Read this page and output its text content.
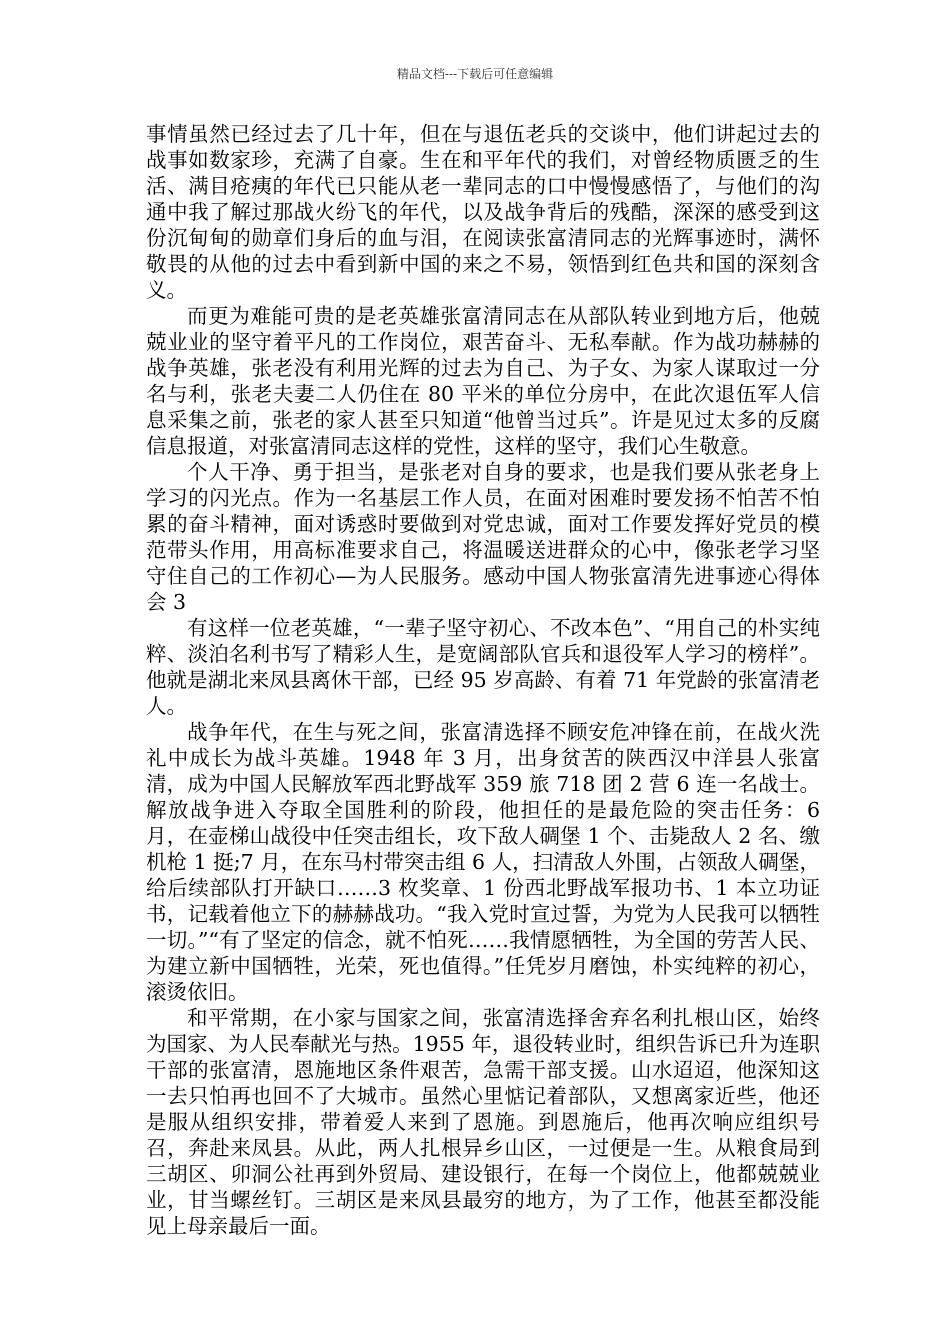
精品文档---下载后可任意编辑

事情虽然已经过去了几十年，但在与退伍老兵的交谈中，他们讲起过去的战事如数家珍，充满了自豪。生在和平年代的我们，对曾经物质匮乏的生活、满目疮痍的年代已只能从老一辈同志的口中慢慢感悟了，与他们的沟通中我了解过那战火纷飞的年代，以及战争背后的残酷，深深的感受到这份沉甸甸的勋章们身后的血与泪，在阅读张富清同志的光辉事迹时，满怀敬畏的从他的过去中看到新中国的来之不易，领悟到红色共和国的深刻含义。

而更为难能可贵的是老英雄张富清同志在从部队转业到地方后，他兢兢业业的坚守着平凡的工作岗位，艰苦奋斗、无私奉献。作为战功赫赫的战争英雄，张老没有利用光辉的过去为自己、为子女、为家人谋取过一分名与利，张老夫妻二人仍住在 80 平米的单位分房中，在此次退伍军人信息采集之前，张老的家人甚至只知道“他曾当过兵”。许是见过太多的反腐信息报道，对张富清同志这样的党性，这样的坚守，我们心生敬意。

个人干净、勇于担当，是张老对自身的要求，也是我们要从张老身上学习的闪光点。作为一名基层工作人员，在面对困难时要发扬不怕苦不怕累的奋斗精神，面对诱惑时要做到对党忠诚，面对工作要发挥好党员的模范带头作用，用高标准要求自己，将温暖送进群众的心中，像张老学习坚守住自己的工作初心—为人民服务。感动中国人物张富清先进事迹心得体会 3

有这样一位老英雄，“一辈子坚守初心、不改本色”、“用自己的朴实纯粹、淡泊名利书写了精彩人生，是宽阔部队官兵和退役军人学习的榜样”。他就是湖北来凤县离休干部，已经 95 岁高龄、有着 71 年党龄的张富清老人。

战争年代，在生与死之间，张富清选择不顾安危冲锋在前，在战火洗礼中成长为战斗英雄。1948 年 3 月，出身贫苦的陕西汉中洋县人张富清，成为中国人民解放军西北野战军 359 旅 718 团 2 营 6 连一名战士。解放战争进入夺取全国胜利的阶段，他担任的是最危险的突击任务：6 月，在壶梯山战役中任突击组长，攻下敌人碉堡 1 个、击毙敌人 2 名、缴机枪 1 挺;7 月，在东马村带突击组 6 人，扫清敌人外围，占领敌人碉堡，给后续部队打开缺口……3 枚奖章、1 份西北野战军报功书、1 本立功证书，记载着他立下的赫赫战功。“我入党时宣过誓，为党为人民我可以牺牲一切。”“有了坚定的信念，就不怕死……我情愿牺牲，为全国的劳苦人民、为建立新中国牺牲，光荣，死也值得。”任凭岁月磨蚀，朴实纯粹的初心，滚烫依旧。

和平常期，在小家与国家之间，张富清选择舍弃名利扎根山区，始终为国家、为人民奉献光与热。1955 年，退役转业时，组织告诉已升为连职干部的张富清，恩施地区条件艰苦，急需干部支援。山水迢迢，他深知这一去只怕再也回不了大城市。虽然心里惦记着部队，又想离家近些，他还是服从组织安排，带着爱人来到了恩施。到恩施后，他再次响应组织号召，奔赴来凤县。从此，两人扎根异乡山区，一过便是一生。从粮食局到三胡区、卯洞公社再到外贸局、建设银行，在每一个岗位上，他都兢兢业业，甘当螺丝钉。三胡区是来凤县最穷的地方，为了工作，他甚至都没能见上母亲最后一面。
